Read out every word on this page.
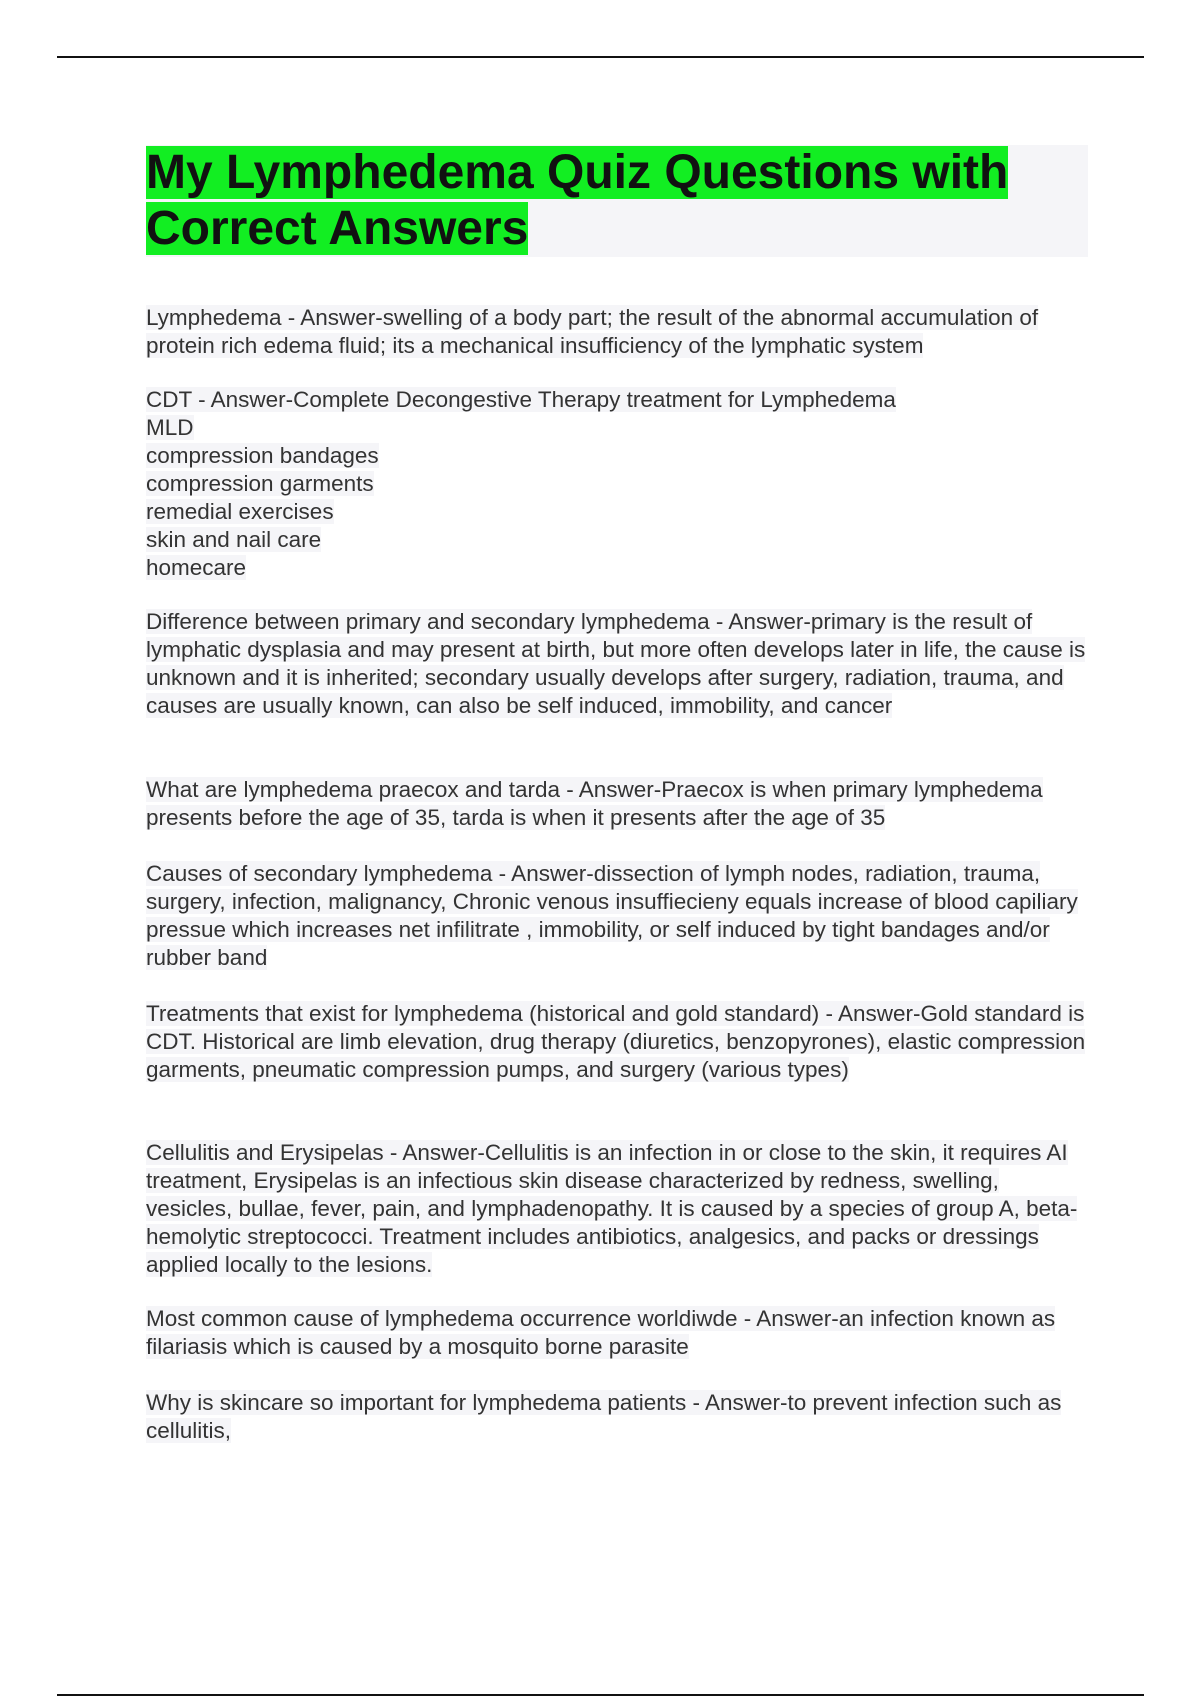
My Lymphedema Quiz Questions with Correct Answers

Lymphedema - Answer-swelling of a body part; the result of the abnormal accumulation of protein rich edema fluid; its a mechanical insufficiency of the lymphatic system

CDT - Answer-Complete Decongestive Therapy treatment for Lymphedema
MLD
compression bandages
compression garments
remedial exercises
skin and nail care
homecare

Difference between primary and secondary lymphedema - Answer-primary is the result of lymphatic dysplasia and may present at birth, but more often develops later in life, the cause is unknown and it is inherited; secondary usually develops after surgery, radiation, trauma, and causes are usually known, can also be self induced, immobility, and cancer

What are lymphedema praecox and tarda - Answer-Praecox is when primary lymphedema presents before the age of 35, tarda is when it presents after the age of 35

Causes of secondary lymphedema - Answer-dissection of lymph nodes, radiation, trauma, surgery, infection, malignancy, Chronic venous insuffiecieny equals increase of blood capiliary pressue which increases net infilitrate , immobility, or self induced by tight bandages and/or rubber band

Treatments that exist for lymphedema (historical and gold standard) - Answer-Gold standard is CDT. Historical are limb elevation, drug therapy (diuretics, benzopyrones), elastic compression garments, pneumatic compression pumps, and surgery (various types)

Cellulitis and Erysipelas - Answer-Cellulitis is an infection in or close to the skin, it requires AI treatment, Erysipelas is an infectious skin disease characterized by redness, swelling, vesicles, bullae, fever, pain, and lymphadenopathy. It is caused by a species of group A, beta-hemolytic streptococci. Treatment includes antibiotics, analgesics, and packs or dressings applied locally to the lesions.

Most common cause of lymphedema occurrence worldiwde - Answer-an infection known as filariasis which is caused by a mosquito borne parasite

Why is skincare so important for lymphedema patients - Answer-to prevent infection such as cellulitis,
